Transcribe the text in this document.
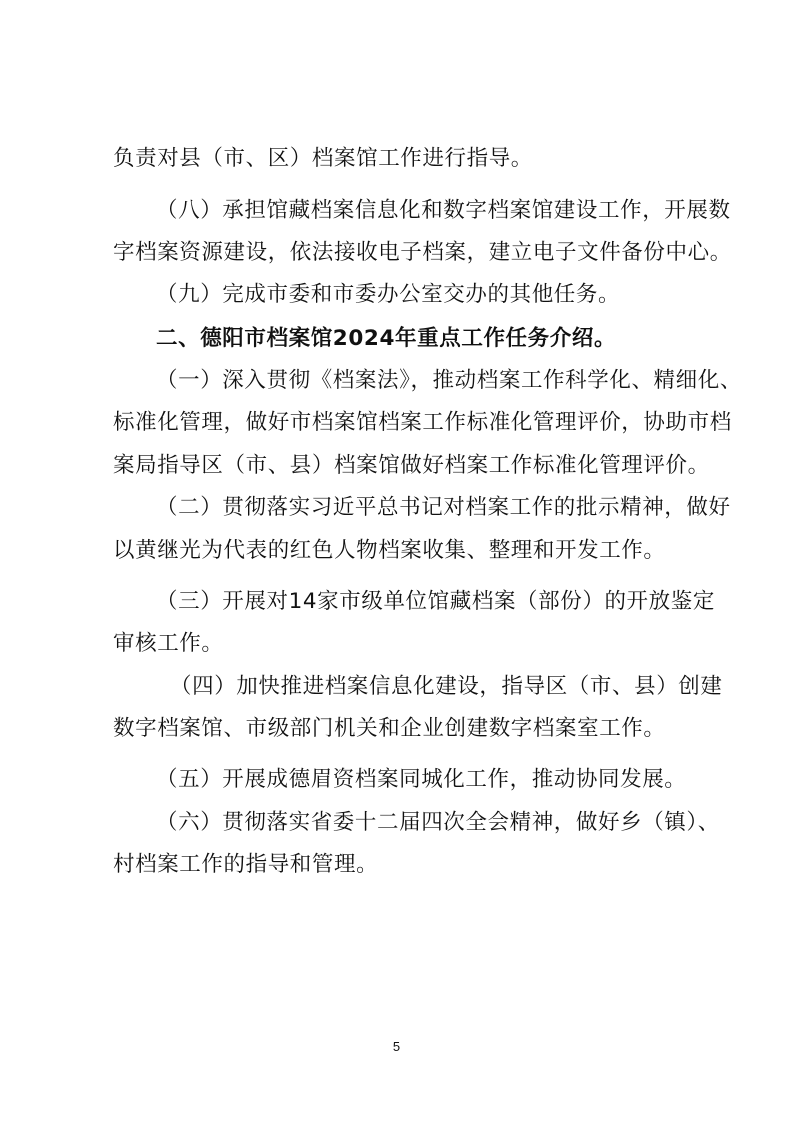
负责对县（市、区）档案馆工作进行指导。
（八）承担馆藏档案信息化和数字档案馆建设工作，开展数
字档案资源建设，依法接收电子档案，建立电子文件备份中心。
（九）完成市委和市委办公室交办的其他任务。
二、德阳市档案馆2024年重点工作任务介绍。
（一）深入贯彻《档案法》，推动档案工作科学化、精细化、
标准化管理，做好市档案馆档案工作标准化管理评价，协助市档
案局指导区（市、县）档案馆做好档案工作标准化管理评价。
（二）贯彻落实习近平总书记对档案工作的批示精神，做好
以黄继光为代表的红色人物档案收集、整理和开发工作。
（三）开展对14家市级单位馆藏档案（部份）的开放鉴定
审核工作。
（四）加快推进档案信息化建设，指导区（市、县）创建
数字档案馆、市级部门机关和企业创建数字档案室工作。
（五）开展成德眉资档案同城化工作，推动协同发展。
（六）贯彻落实省委十二届四次全会精神，做好乡（镇）、
村档案工作的指导和管理。
5
